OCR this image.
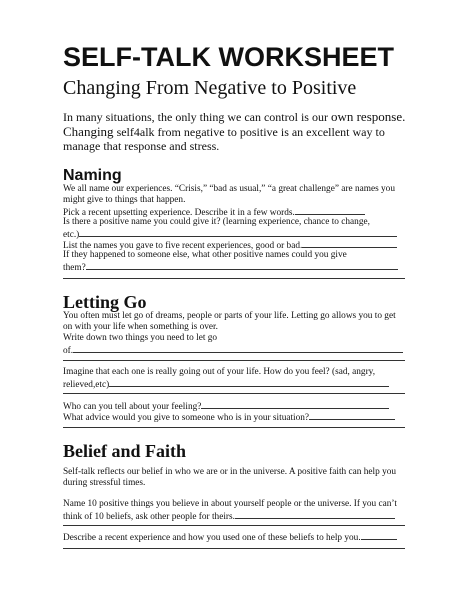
SELF-TALK WORKSHEET
Changing From Negative to Positive
In many situations, the only thing we can control is our own response. Changing self4alk from negative to positive is an excellent way to manage that response and stress.
Naming
We all name our experiences. “Crisis,” “bad as usual,” “a great challenge” are names you
might give to things that happen.
Pick a recent upsetting experience. Describe it in a few words.
Is there a positive name you could give it? (learning experience, chance to change,
etc.)
List the names you gave to five recent experiences, good or bad.
If they happened to someone else, what other positive names could you give
them?
Letting Go
You often must let go of dreams, people or parts of your life. Letting go allows you to get
on with your life when something is over.
Write down two things you need to let go
of.
Imagine that each one is really going out of your life. How do you feel? (sad, angry,
relieved,etc)
Who can you tell about your feeling?
What advice would you give to someone who is in your situation?
Belief and Faith
Self-talk reflects our belief in who we are or in the universe. A positive faith can help you
during stressful times.
Name 10 positive things you believe in about yourself people or the universe. If you can’t
think of 10 beliefs, ask other people for theirs.
Describe a recent experience and how you used one of these beliefs to help you.
